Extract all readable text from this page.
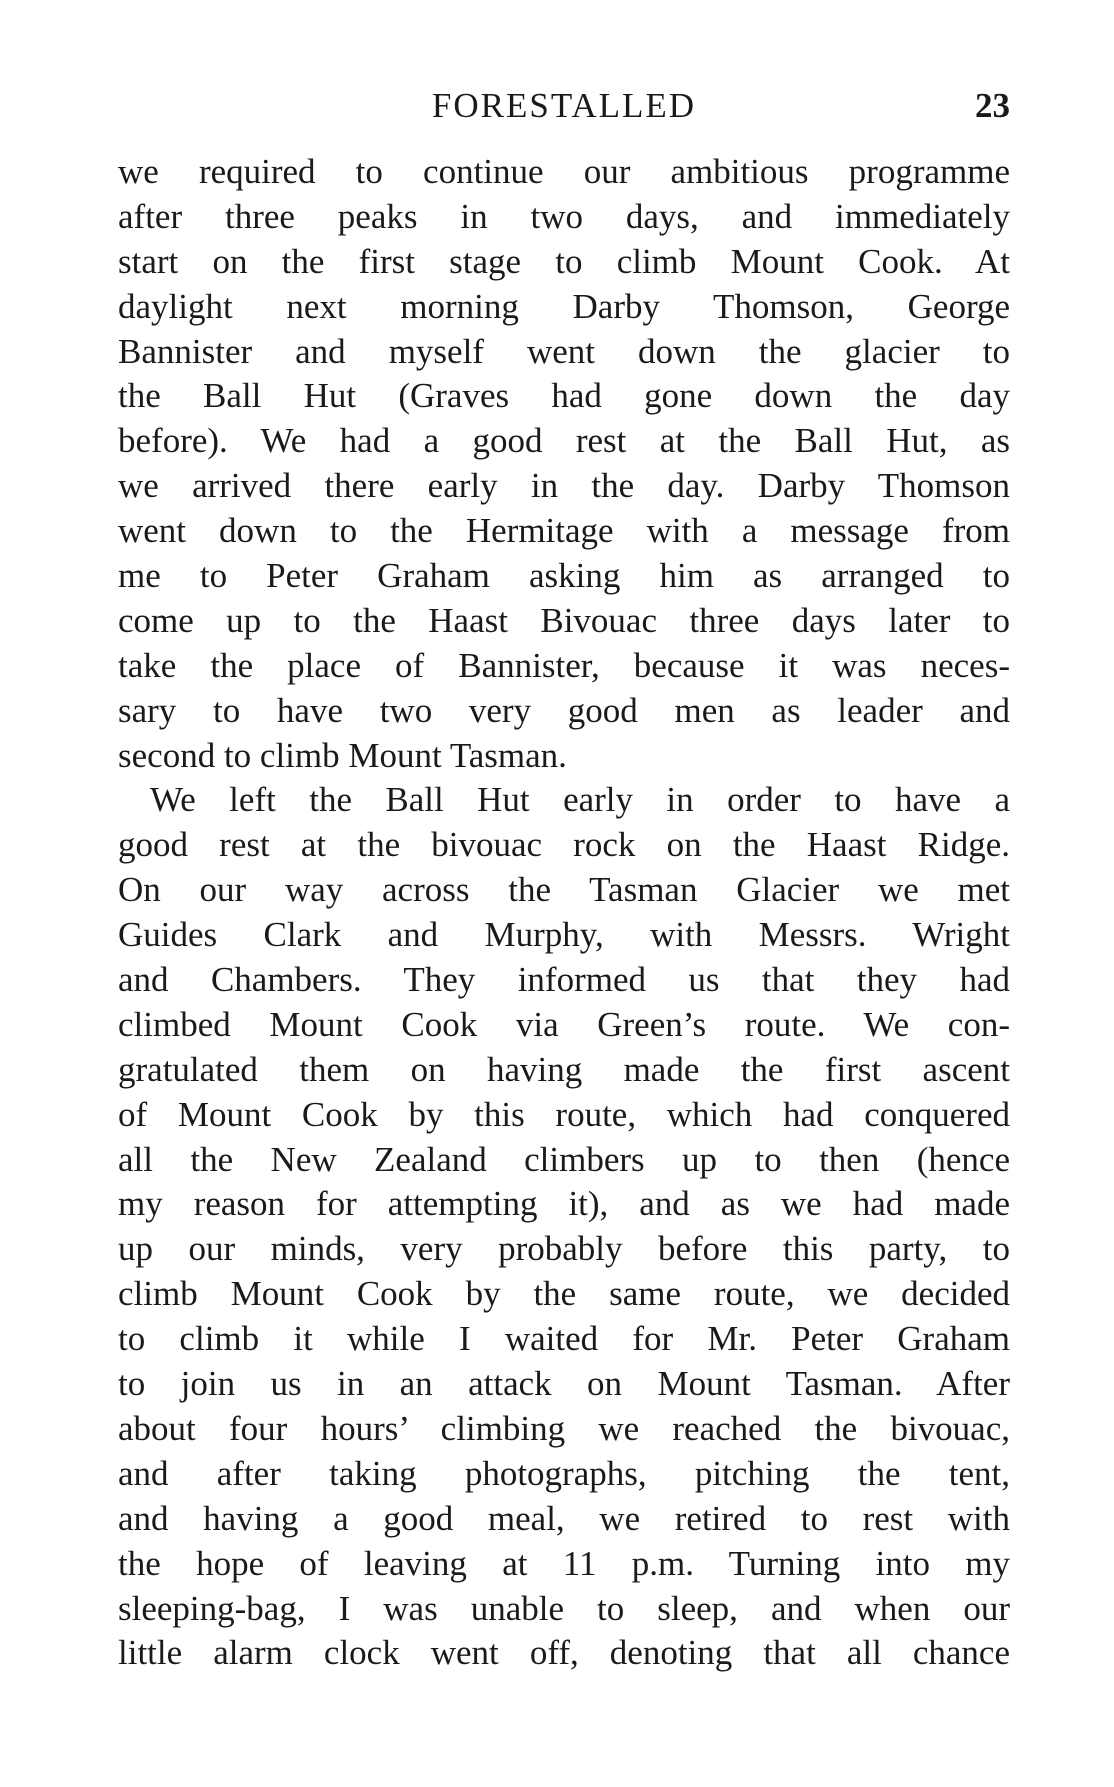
FORESTALLED	23
we required to continue our ambitious programme
after three peaks in two days, and immediately
start on the first stage to climb Mount Cook. At
daylight next morning Darby Thomson, George
Bannister and myself went down the glacier to
the Ball Hut (Graves had gone down the day
before). We had a good rest at the Ball Hut, as
we arrived there early in the day. Darby Thomson
went down to the Hermitage with a message from
me to Peter Graham asking him as arranged to
come up to the Haast Bivouac three days later to
take the place of Bannister, because it was neces-
sary to have two very good men as leader and
second to climb Mount Tasman.
We left the Ball Hut early in order to have a
good rest at the bivouac rock on the Haast Ridge.
On our way across the Tasman Glacier we met
Guides Clark and Murphy, with Messrs. Wright
and Chambers. They informed us that they had
climbed Mount Cook via Green’s route. We con-
gratulated them on having made the first ascent
of Mount Cook by this route, which had conquered
all the New Zealand climbers up to then (hence
my reason for attempting it), and as we had made
up our minds, very probably before this party, to
climb Mount Cook by the same route, we decided
to climb it while I waited for Mr. Peter Graham
to join us in an attack on Mount Tasman. After
about four hours’ climbing we reached the bivouac,
and after taking photographs, pitching the tent,
and having a good meal, we retired to rest with
the hope of leaving at 11 p.m. Turning into my
sleeping-bag, I was unable to sleep, and when our
little alarm clock went off, denoting that all chance
